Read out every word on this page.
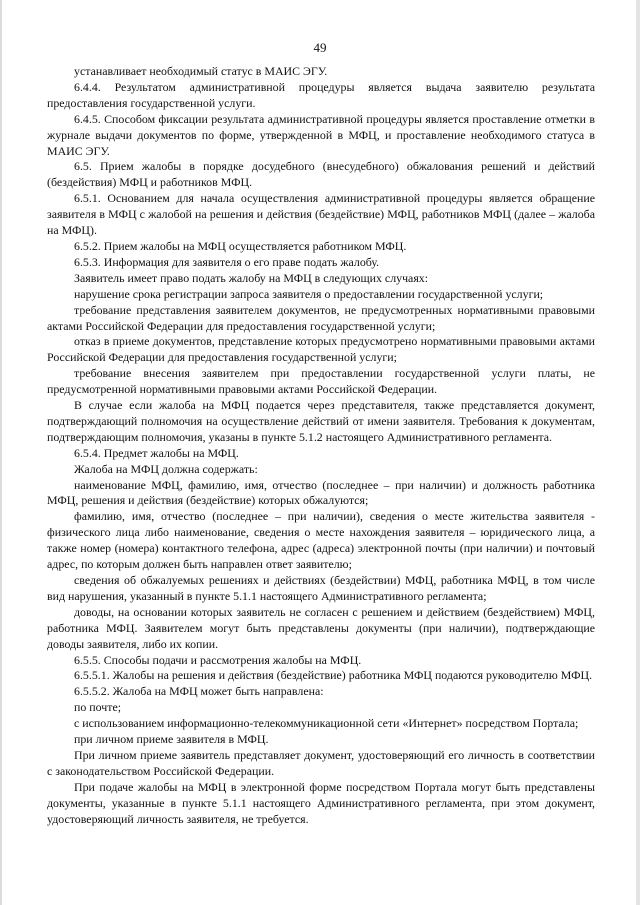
49

устанавливает необходимый статус в МАИС ЭГУ.

6.4.4. Результатом административной процедуры является выдача заявителю результата предоставления государственной услуги.

6.4.5. Способом фиксации результата административной процедуры является проставление отметки в журнале выдачи документов по форме, утвержденной в МФЦ, и проставление необходимого статуса в МАИС ЭГУ.

6.5. Прием жалобы в порядке досудебного (внесудебного) обжалования решений и действий (бездействия) МФЦ и работников МФЦ.

6.5.1. Основанием для начала осуществления административной процедуры является обращение заявителя в МФЦ с жалобой на решения и действия (бездействие) МФЦ, работников МФЦ (далее – жалоба на МФЦ).

6.5.2. Прием жалобы на МФЦ осуществляется работником МФЦ.

6.5.3. Информация для заявителя о его праве подать жалобу.

Заявитель имеет право подать жалобу на МФЦ в следующих случаях:

нарушение срока регистрации запроса заявителя о предоставлении государственной услуги;

требование представления заявителем документов, не предусмотренных нормативными правовыми актами Российской Федерации для предоставления государственной услуги;

отказ в приеме документов, представление которых предусмотрено нормативными правовыми актами Российской Федерации для предоставления государственной услуги;

требование внесения заявителем при предоставлении государственной услуги платы, не предусмотренной нормативными правовыми актами Российской Федерации.

В случае если жалоба на МФЦ подается через представителя, также представляется документ, подтверждающий полномочия на осуществление действий от имени заявителя. Требования к документам, подтверждающим полномочия, указаны в пункте 5.1.2 настоящего Административного регламента.

6.5.4. Предмет жалобы на МФЦ.

Жалоба на МФЦ должна содержать:

наименование МФЦ, фамилию, имя, отчество (последнее – при наличии) и должность работника МФЦ, решения и действия (бездействие) которых обжалуются;

фамилию, имя, отчество (последнее – при наличии), сведения о месте жительства заявителя - физического лица либо наименование, сведения о месте нахождения заявителя – юридического лица, а также номер (номера) контактного телефона, адрес (адреса) электронной почты (при наличии) и почтовый адрес, по которым должен быть направлен ответ заявителю;

сведения об обжалуемых решениях и действиях (бездействии) МФЦ, работника МФЦ, в том числе вид нарушения, указанный в пункте 5.1.1 настоящего Административного регламента;

доводы, на основании которых заявитель не согласен с решением и действием (бездействием) МФЦ, работника МФЦ. Заявителем могут быть представлены документы (при наличии), подтверждающие доводы заявителя, либо их копии.

6.5.5. Способы подачи и рассмотрения жалобы на МФЦ.

6.5.5.1. Жалобы на решения и действия (бездействие) работника МФЦ подаются руководителю МФЦ.

6.5.5.2. Жалоба на МФЦ может быть направлена:

по почте;

с использованием информационно-телекоммуникационной сети «Интернет» посредством Портала;

при личном приеме заявителя в МФЦ.

При личном приеме заявитель представляет документ, удостоверяющий его личность в соответствии с законодательством Российской Федерации.

При подаче жалобы на МФЦ в электронной форме посредством Портала могут быть представлены документы, указанные в пункте 5.1.1 настоящего Административного регламента, при этом документ, удостоверяющий личность заявителя, не требуется.
